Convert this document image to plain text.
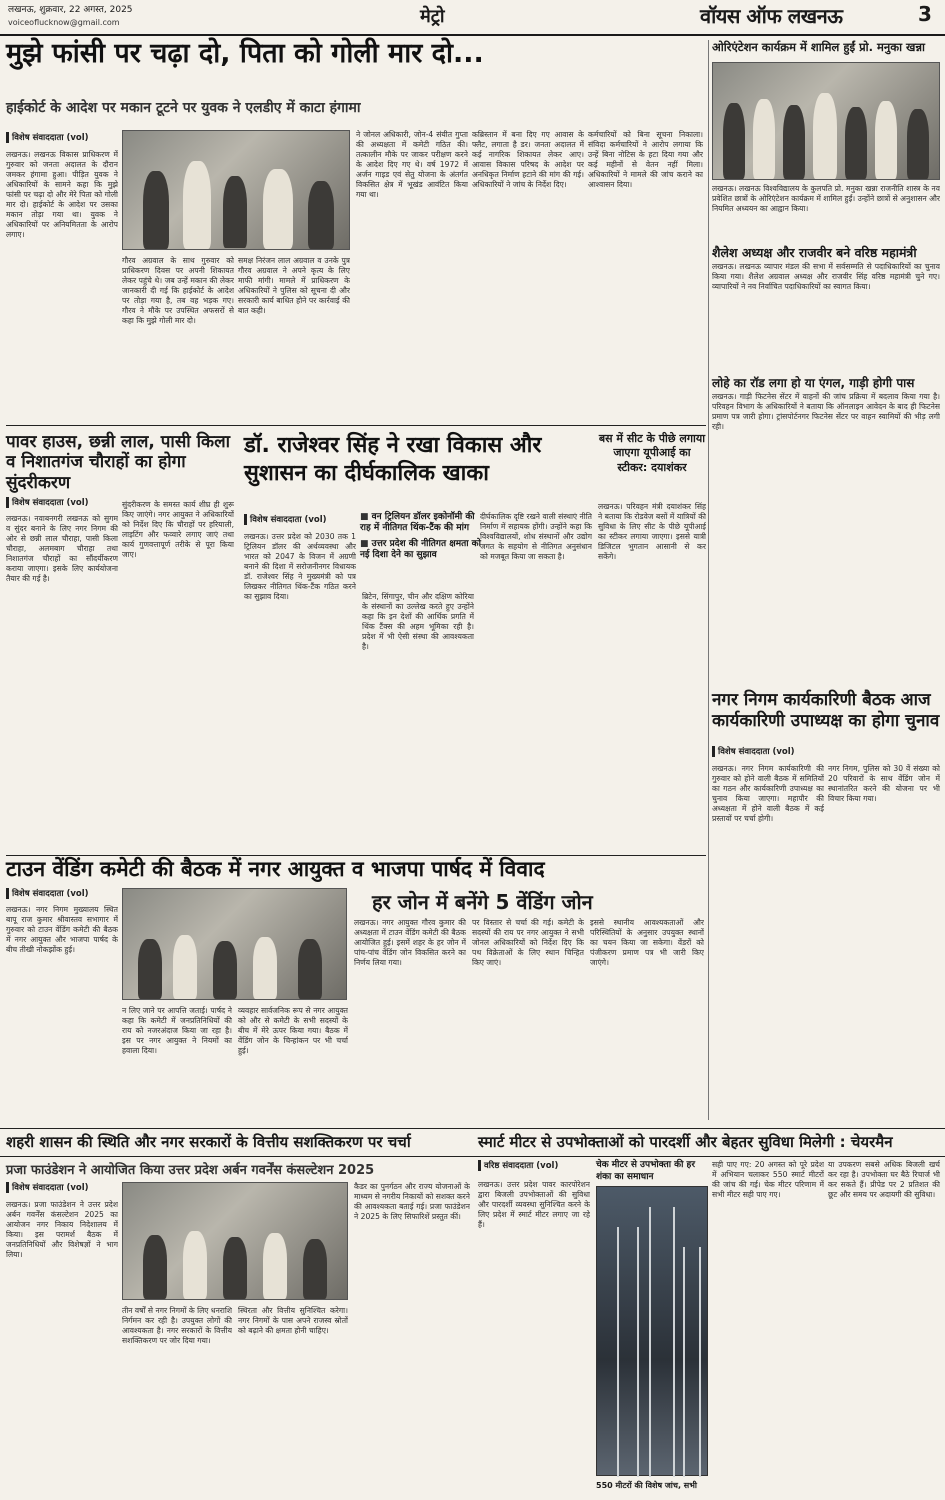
लखनऊ, शुक्रवार, 22 अगस्त, 2025
voiceoflucknow@gmail.com	मेट्रो	वॉयस ऑफ लखनऊ	3
मुझे फांसी पर चढ़ा दो, पिता को गोली मार दो...
हाईकोर्ट के आदेश पर मकान टूटने पर युवक ने एलडीए में काटा हंगामा
विशेष संवाददाता (vol)
लखनऊ। लखनऊ विकास प्राधिकरण में गुरुवार को जनता अदालत के दौरान जमकर हंगामा हुआ। पीड़ित युवक ने अधिकारियों के सामने कहा कि मुझे फांसी पर चढ़ा दो और मेरे पिता को गोली मार दो। हाईकोर्ट के आदेश पर उसका मकान तोड़ा गया था। युवक ने अधिकारियों पर अनियमितता के आरोप लगाए।
गौरव अग्रवाल के साथ गुरुवार को प्राधिकरण दिवस पर अपनी शिकायत लेकर पहुंचे थे। जब उन्हें मकान की लेकर जानकारी दी गई कि हाईकोर्ट के आदेश पर तोड़ा गया है, तब वह भड़क गए। गौरव ने मौके पर उपस्थित अफसरों से कहा कि मुझे गोली मार दो।
समक्ष निरंजन लाल अग्रवाल व उनके पुत्र गौरव अग्रवाल ने अपने कृत्य के लिए माफी मांगी। मामले में प्राधिकरण के अधिकारियों ने पुलिस को सूचना दी और सरकारी कार्य बाधित होने पर कार्रवाई की बात कही।
ने जोनल अधिकारी, जोन-4 संयीत गुप्ता की अध्यक्षता में कमेटी गठित की। तत्कालीन मौके पर जाकर परीक्षण करने के आदेश दिए गए थे। वर्ष 1972 में अर्जन गाइड एवं सेतु योजना के अंतर्गत विकसित क्षेत्र में भूखंड आवंटित किया गया था।
कब्रिस्तान में बना दिए गए आवास के फ्लैट, लगाता है डर। जनता अदालत में कई नागरिक शिकायत लेकर आए। आवास विकास परिषद के आदेश पर अनधिकृत निर्माण हटाने की मांग की गई। अधिकारियों ने जांच के निर्देश दिए।
कर्मचारियों को बिना सूचना निकाला। संविदा कर्मचारियों ने आरोप लगाया कि उन्हें बिना नोटिस के हटा दिया गया और कई महीनों से वेतन नहीं मिला। अधिकारियों ने मामले की जांच कराने का आश्वासन दिया।
ओरिएंटेशन कार्यक्रम में शामिल हुईं प्रो. मनुका खन्ना
लखनऊ। लखनऊ विश्वविद्यालय के कुलपति प्रो. मनुका खन्ना राजनीति शास्त्र के नव प्रवेशित छात्रों के ओरिएंटेशन कार्यक्रम में शामिल हुईं। उन्होंने छात्रों से अनुशासन और नियमित अध्ययन का आह्वान किया।
शैलेश अध्यक्ष और राजवीर बने वरिष्ठ महामंत्री
लखनऊ। लखनऊ व्यापार मंडल की सभा में सर्वसम्मति से पदाधिकारियों का चुनाव किया गया। शैलेश अग्रवाल अध्यक्ष और राजवीर सिंह वरिष्ठ महामंत्री चुने गए। व्यापारियों ने नव निर्वाचित पदाधिकारियों का स्वागत किया।
लोहे का रॉड लगा हो या एंगल, गाड़ी होगी पास
लखनऊ। गाड़ी फिटनेस सेंटर में वाहनों की जांच प्रक्रिया में बदलाव किया गया है। परिवहन विभाग के अधिकारियों ने बताया कि ऑनलाइन आवेदन के बाद ही फिटनेस प्रमाण पत्र जारी होगा। ट्रांसपोर्टनगर फिटनेस सेंटर पर वाहन स्वामियों की भीड़ लगी रही।
नगर निगम कार्यकारिणी बैठक आज कार्यकारिणी उपाध्यक्ष का होगा चुनाव
विशेष संवाददाता (vol)
लखनऊ। नगर निगम कार्यकारिणी की गुरुवार को होने वाली बैठक में समितियों का गठन और कार्यकारिणी उपाध्यक्ष का चुनाव किया जाएगा। महापौर की अध्यक्षता में होने वाली बैठक में कई प्रस्तावों पर चर्चा होगी।
पावर हाउस, छन्नी लाल, पासी किला व निशातगंज चौराहों का होगा सुंदरीकरण
विशेष संवाददाता (vol)
लखनऊ। नवाबनगरी लखनऊ को सुगम व सुंदर बनाने के लिए नगर निगम की ओर से छन्नी लाल चौराहा, पासी किला चौराहा, अलमबाग चौराहा तथा निशातगंज चौराहों का सौंदर्यीकरण कराया जाएगा। इसके लिए कार्ययोजना तैयार की गई है।
सुंदरीकरण के समस्त कार्य शीघ्र ही शुरू किए जाएंगे। नगर आयुक्त ने अधिकारियों को निर्देश दिए कि चौराहों पर हरियाली, लाइटिंग और फव्वारे लगाए जाएं तथा कार्य गुणवत्तापूर्ण तरीके से पूरा किया जाए।
डॉ. राजेश्वर सिंह ने रखा विकास और सुशासन का दीर्घकालिक खाका
विशेष संवाददाता (vol)
■	वन ट्रिलियन डॉलर इकोनॉमी की राह में नीतिगत थिंक-टैंक की मांग
■ उत्तर प्रदेश की नीतिगत क्षमता को नई दिशा देने का सुझाव
लखनऊ। उत्तर प्रदेश को 2030 तक 1 ट्रिलियन डॉलर की अर्थव्यवस्था और भारत को 2047 के विजन में अग्रणी बनाने की दिशा में सरोजनीनगर विधायक डॉ. राजेश्वर सिंह ने मुख्यमंत्री को पत्र लिखकर नीतिगत थिंक-टैंक गठित करने का सुझाव दिया।	ब्रिटेन, सिंगापुर, चीन और दक्षिण कोरिया के संस्थानों का उल्लेख करते हुए उन्होंने कहा कि इन देशों की आर्थिक प्रगति में थिंक टैंक्स की अहम भूमिका रही है। प्रदेश में भी ऐसी संस्था की आवश्यकता है।
दीर्घकालिक दृष्टि रखने वाली संस्थाएं नीति निर्माण में सहायक होंगी। उन्होंने कहा कि विश्वविद्यालयों, शोध संस्थानों और उद्योग जगत के सहयोग से नीतिगत अनुसंधान को मजबूत किया जा सकता है।
बस में सीट के पीछे लगाया जाएगा यूपीआई का स्टीकर: दयाशंकर
लखनऊ। परिवहन मंत्री दयाशंकर सिंह ने बताया कि रोडवेज बसों में यात्रियों की सुविधा के लिए सीट के पीछे यूपीआई का स्टीकर लगाया जाएगा। इससे यात्री डिजिटल भुगतान आसानी से कर सकेंगे।
टाउन वेंडिंग कमेटी की बैठक में नगर आयुक्त व भाजपा पार्षद में विवाद
विशेष संवाददाता (vol)	हर जोन में बनेंगे 5 वेंडिंग जोन
लखनऊ। नगर निगम मुख्यालय स्थित बापू राज कुमार श्रीवास्तव सभागार में गुरुवार को टाउन वेंडिंग कमेटी की बैठक में नगर आयुक्त और भाजपा पार्षद के बीच तीखी नोकझोंक हुई।
न लिए जाने पर आपत्ति जताई। पार्षद ने कहा कि कमेटी में जनप्रतिनिधियों की राय को नजरअंदाज किया जा रहा है। इस पर नगर आयुक्त ने नियमों का हवाला दिया।
व्यवहार सार्वजनिक रूप से नगर आयुक्त को और से कमेटी के सभी सदस्यों के बीच में मेरे ऊपर किया गया। बैठक में वेंडिंग जोन के चिन्हांकन पर भी चर्चा हुई।
लखनऊ। नगर आयुक्त गौरव कुमार की अध्यक्षता में टाउन वेंडिंग कमेटी की बैठक आयोजित हुई। इसमें शहर के हर जोन में पांच-पांच वेंडिंग जोन विकसित करने का निर्णय लिया गया।
पर विस्तार से चर्चा की गई। कमेटी के सदस्यों की राय पर नगर आयुक्त ने सभी जोनल अधिकारियों को निर्देश दिए कि पथ विक्रेताओं के लिए स्थान चिन्हित किए जाएं।
इससे स्थानीय आवश्यकताओं और परिस्थितियों के अनुसार उपयुक्त स्थानों का चयन किया जा सकेगा। वेंडरों को पंजीकरण प्रमाण पत्र भी जारी किए जाएंगे।
नगर निगम, पुलिस को 30 वें संख्या को 20 परिवारों के साथ वेंडिंग जोन में स्थानांतरित करने की योजना पर भी विचार किया गया।
शहरी शासन की स्थिति और नगर सरकारों के वित्तीय सशक्तिकरण पर चर्चा	स्मार्ट मीटर से उपभोक्ताओं को पारदर्शी और बेहतर सुविधा मिलेगी : चेयरमैन
प्रजा फाउंडेशन ने आयोजित किया उत्तर प्रदेश अर्बन गवर्नेंस कंसल्टेशन 2025
विशेष संवाददाता (vol)
लखनऊ। प्रजा फाउंडेशन ने उत्तर प्रदेश अर्बन गवर्नेंस कंसल्टेशन 2025 का आयोजन नगर निकाय निदेशालय में किया। इस परामर्श बैठक में जनप्रतिनिधियों और विशेषज्ञों ने भाग लिया।
तीन वर्षों से नगर निगमों के लिए धनराशि निर्गमन कर रही है। उपयुक्त लोगों की आवश्यकता है। नगर सरकारों के वित्तीय सशक्तिकरण पर जोर दिया गया।
स्थिरता और वित्तीय सुनिश्चित करेगा। नगर निगमों के पास अपने राजस्व स्रोतों को बढ़ाने की क्षमता होनी चाहिए।
कैडर का पुनर्गठन और राज्य योजनाओं के माध्यम से नगरीय निकायों को सशक्त करने की आवश्यकता बताई गई। प्रजा फाउंडेशन ने 2025 के लिए सिफारिशें प्रस्तुत कीं।
वरिष्ठ संवाददाता (vol)
लखनऊ। उत्तर प्रदेश पावर कारपोरेशन द्वारा बिजली उपभोक्ताओं की सुविधा और पारदर्शी व्यवस्था सुनिश्चित करने के लिए प्रदेश में स्मार्ट मीटर लगाए जा रहे हैं।
चेक मीटर से उपभोक्ता की हर शंका का समाधान
550 मीटरों की विशेष जांच, सभी
सही पाए गए: 20 अगस्त को पूरे प्रदेश में अभियान चलाकर 550 स्मार्ट मीटरों की जांच की गई। चेक मीटर परिणाम में सभी मीटर सही पाए गए।
या उपकरण सबसे अधिक बिजली खर्च कर रहा है। उपभोक्ता घर बैठे रिचार्ज भी कर सकते हैं। प्रीपेड पर 2 प्रतिशत की छूट और समय पर अदायगी की सुविधा।
